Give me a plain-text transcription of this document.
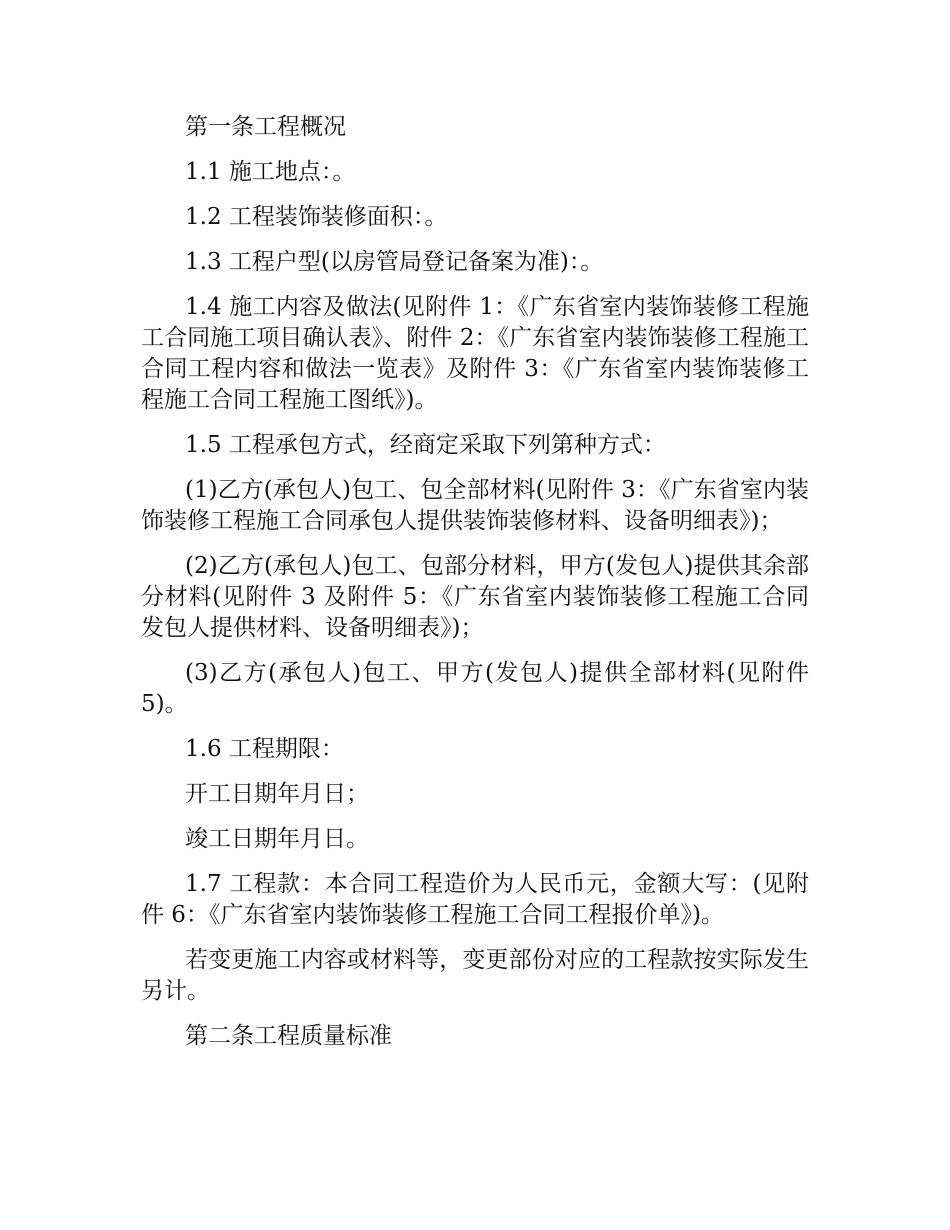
第一条工程概况

1.1 施工地点：。

1.2 工程装饰装修面积：。

1.3 工程户型(以房管局登记备案为准)：。

1.4 施工内容及做法(见附件 1：《广东省室内装饰装修工程施工合同施工项目确认表》、附件 2：《广东省室内装饰装修工程施工合同工程内容和做法一览表》及附件 3：《广东省室内装饰装修工程施工合同工程施工图纸》)。

1.5 工程承包方式，经商定采取下列第种方式：

(1)乙方(承包人)包工、包全部材料(见附件 3：《广东省室内装饰装修工程施工合同承包人提供装饰装修材料、设备明细表》)；

(2)乙方(承包人)包工、包部分材料，甲方(发包人)提供其余部分材料(见附件 3 及附件 5：《广东省室内装饰装修工程施工合同发包人提供材料、设备明细表》)；

(3)乙方(承包人)包工、甲方(发包人)提供全部材料(见附件 5)。

1.6 工程期限：

开工日期年月日；

竣工日期年月日。

1.7 工程款：本合同工程造价为人民币元，金额大写：(见附件 6：《广东省室内装饰装修工程施工合同工程报价单》)。

若变更施工内容或材料等，变更部份对应的工程款按实际发生另计。

第二条工程质量标准
